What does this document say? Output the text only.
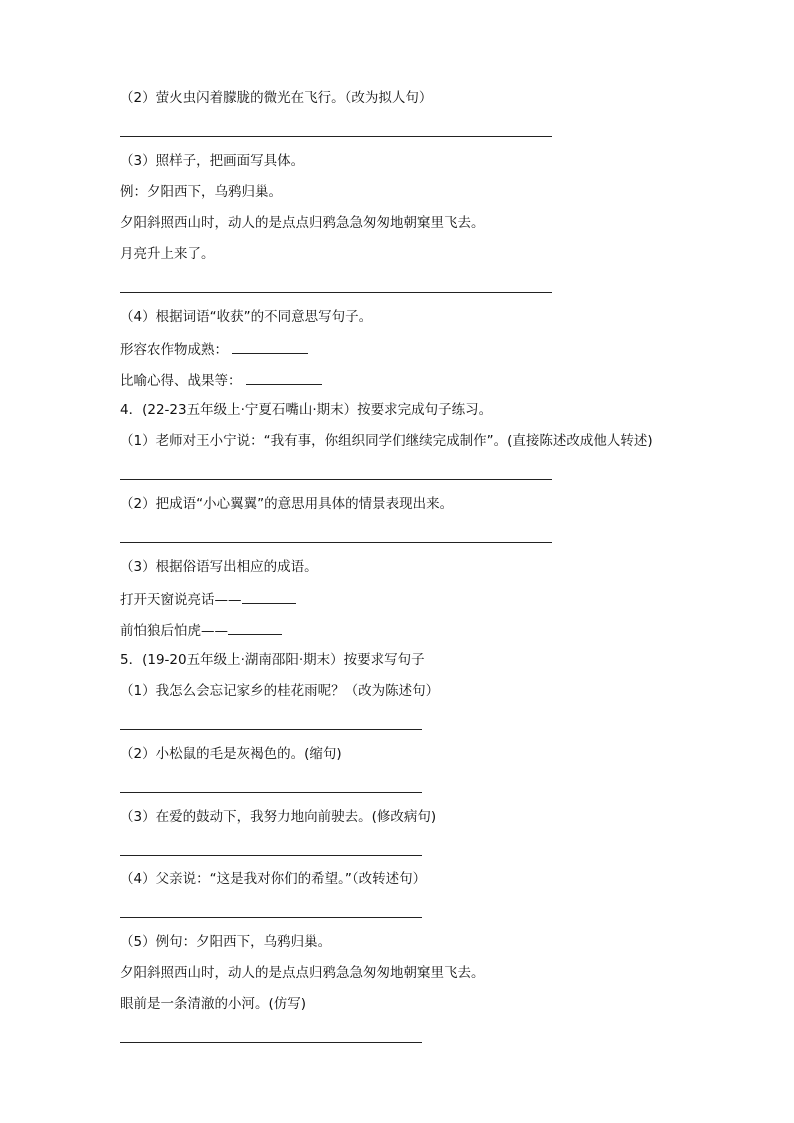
（2）萤火虫闪着朦胧的微光在飞行。（改为拟人句）
（3）照样子，把画面写具体。
例：夕阳西下，乌鸦归巢。
夕阳斜照西山时，动人的是点点归鸦急急匆匆地朝窠里飞去。
月亮升上来了。
（4）根据词语“收获”的不同意思写句子。
形容农作物成熟：
比喻心得、战果等：
4．(22-23五年级上·宁夏石嘴山·期末）按要求完成句子练习。
（1）老师对王小宁说：“我有事，你组织同学们继续完成制作”。(直接陈述改成他人转述)
（2）把成语“小心翼翼”的意思用具体的情景表现出来。
（3）根据俗语写出相应的成语。
打开天窗说亮话——
前怕狼后怕虎——
5．(19-20五年级上·湖南邵阳·期末）按要求写句子
（1）我怎么会忘记家乡的桂花雨呢？（改为陈述句）
（2）小松鼠的毛是灰褐色的。(缩句)
（3）在爱的鼓动下，我努力地向前驶去。(修改病句)
（4）父亲说：“这是我对你们的希望。”（改转述句）
（5）例句：夕阳西下，乌鸦归巢。
夕阳斜照西山时，动人的是点点归鸦急急匆匆地朝窠里飞去。
眼前是一条清澈的小河。(仿写)
